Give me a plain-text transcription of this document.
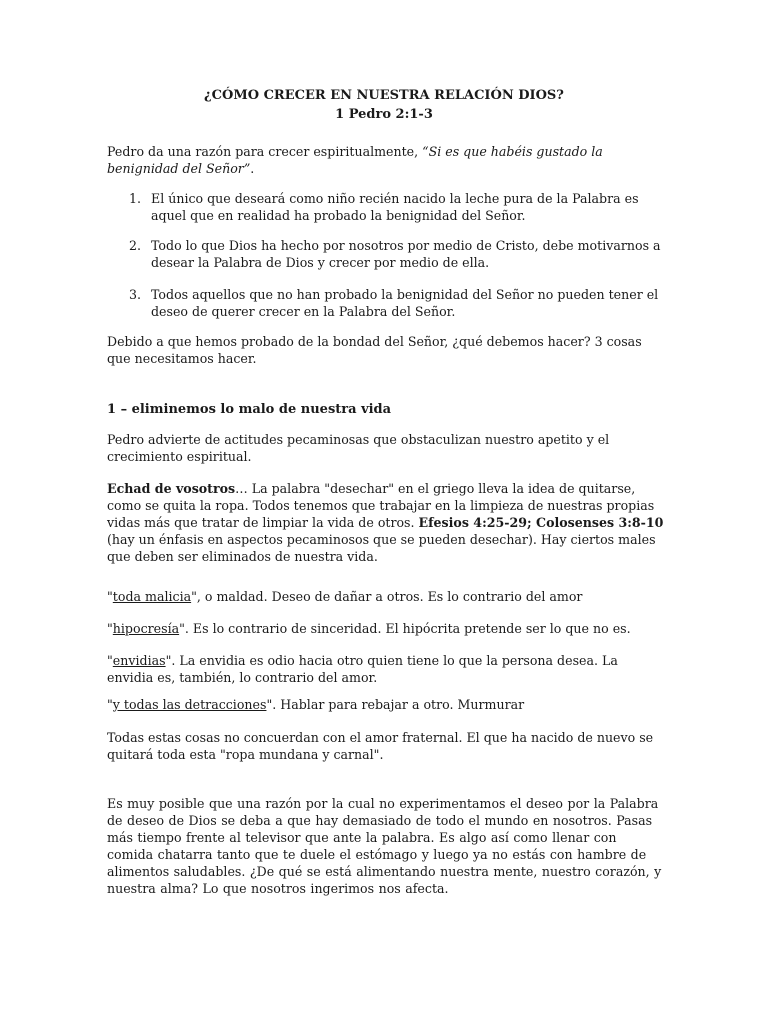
¿CÓMO CRECER EN NUESTRA RELACIÓN DIOS?
1 Pedro 2:1-3

Pedro da una razón para crecer espiritualmente, “Si es que habéis gustado la benignidad del Señor”.

1. El único que deseará como niño recién nacido la leche pura de la Palabra es aquel que en realidad ha probado la benignidad del Señor.
2. Todo lo que Dios ha hecho por nosotros por medio de Cristo, debe motivarnos a desear la Palabra de Dios y crecer por medio de ella.
3. Todos aquellos que no han probado la benignidad del Señor no pueden tener el deseo de querer crecer en la Palabra del Señor.

Debido a que hemos probado de la bondad del Señor, ¿qué debemos hacer? 3 cosas que necesitamos hacer.

1 – eliminemos lo malo de nuestra vida

Pedro advierte de actitudes pecaminosas que obstaculizan nuestro apetito y el crecimiento espiritual.

Echad de vosotros… La palabra "desechar" en el griego lleva la idea de quitarse, como se quita la ropa. Todos tenemos que trabajar en la limpieza de nuestras propias vidas más que tratar de limpiar la vida de otros. Efesios 4:25-29; Colosenses 3:8-10 (hay un énfasis en aspectos pecaminosos que se pueden desechar). Hay ciertos males que deben ser eliminados de nuestra vida.

"toda malicia", o maldad. Deseo de dañar a otros. Es lo contrario del amor

"hipocresía". Es lo contrario de sinceridad. El hipócrita pretende ser lo que no es.

"envidias". La envidia es odio hacia otro quien tiene lo que la persona desea. La envidia es, también, lo contrario del amor.

"y todas las detracciones". Hablar para rebajar a otro. Murmurar

Todas estas cosas no concuerdan con el amor fraternal. El que ha nacido de nuevo se quitará toda esta "ropa mundana y carnal".

Es muy posible que una razón por la cual no experimentamos el deseo por la Palabra de deseo de Dios se deba a que hay demasiado de todo el mundo en nosotros. Pasas más tiempo frente al televisor que ante la palabra. Es algo así como llenar con comida chatarra tanto que te duele el estómago y luego ya no estás con hambre de alimentos saludables. ¿De qué se está alimentando nuestra mente, nuestro corazón, y nuestra alma? Lo que nosotros ingerimos nos afecta.
